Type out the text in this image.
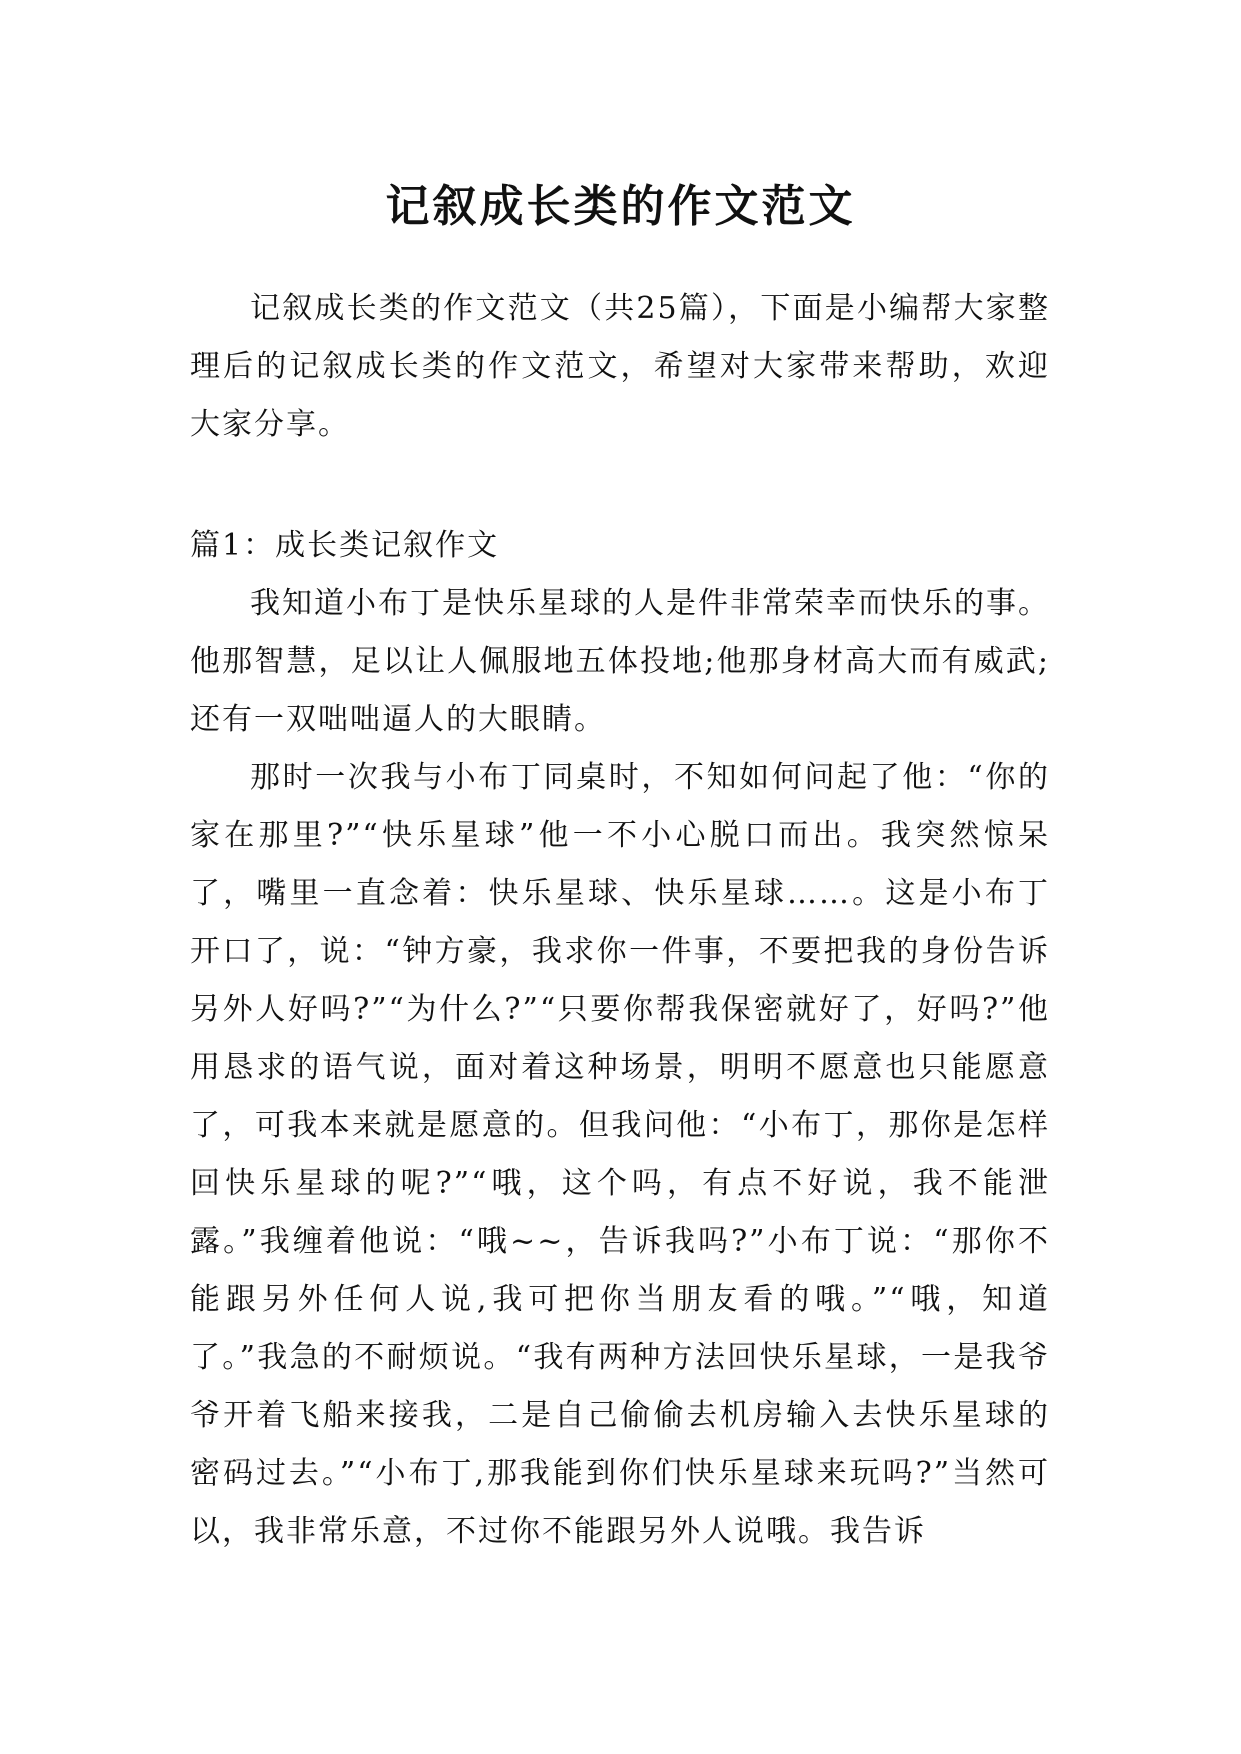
记叙成长类的作文范文

记叙成长类的作文范文（共25篇），下面是小编帮大家整理后的记叙成长类的作文范文，希望对大家带来帮助，欢迎大家分享。

篇1：成长类记叙作文

我知道小布丁是快乐星球的人是件非常荣幸而快乐的事。他那智慧，足以让人佩服地五体投地;他那身材高大而有威武;还有一双咄咄逼人的大眼睛。

那时一次我与小布丁同桌时，不知如何问起了他：“你的家在那里?”“快乐星球”他一不小心脱口而出。我突然惊呆了，嘴里一直念着：快乐星球、快乐星球……。这是小布丁开口了，说：“钟方豪，我求你一件事，不要把我的身份告诉另外人好吗?”“为什么?”“只要你帮我保密就好了，好吗?”他用恳求的语气说，面对着这种场景，明明不愿意也只能愿意了，可我本来就是愿意的。但我问他：“小布丁，那你是怎样回快乐星球的呢?”“哦，这个吗，有点不好说，我不能泄露。”我缠着他说：“哦~~，告诉我吗?”小布丁说：“那你不能跟另外任何人说,我可把你当朋友看的哦。”“哦，知道了。”我急的不耐烦说。“我有两种方法回快乐星球，一是我爷爷开着飞船来接我，二是自己偷偷去机房输入去快乐星球的密码过去。”“小布丁,那我能到你们快乐星球来玩吗?”当然可以，我非常乐意，不过你不能跟另外人说哦。我告诉
